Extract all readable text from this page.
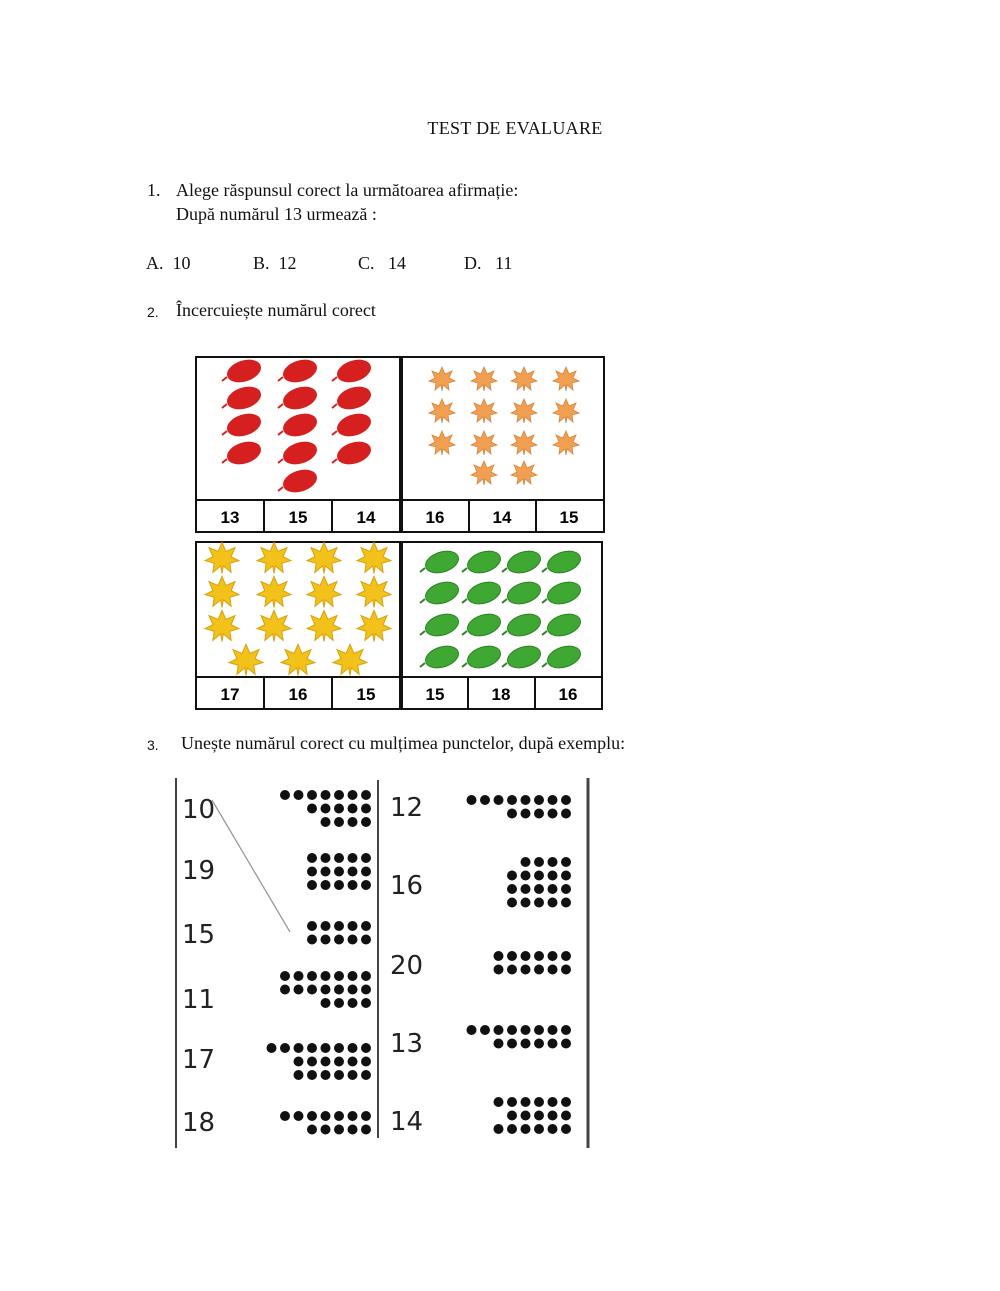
TEST DE EVALUARE
1. Alege răspunsul corect la următoarea afirmație:
După numărul 13 urmează :
A. 10	B. 12	C. 14	D. 11
2. Încercuiește numărul corect
13	15	14	16	14	15
17	16	15	15	18	16
3. Unește numărul corect cu mulțimea punctelor, după exemplu:
10
19
15
11
17
18
12
16
20
13
14
